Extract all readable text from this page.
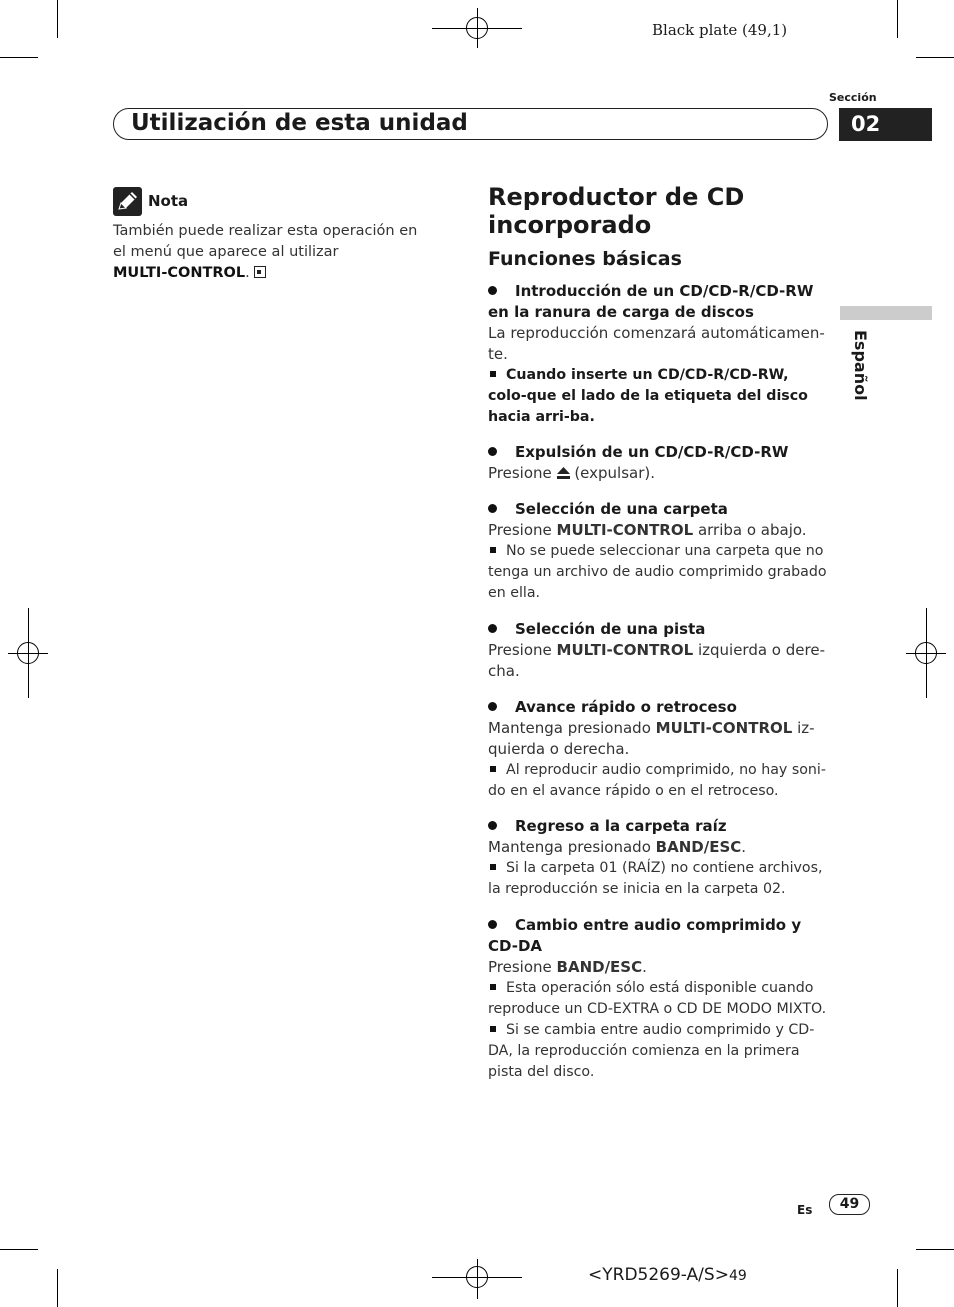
Black plate (49,1)
Sección
Utilización de esta unidad	02
Español
Nota
También puede realizar esta operación en el menú que aparece al utilizar
MULTI-CONTROL.
Reproductor de CD incorporado
Funciones básicas
Introducción de un CD/CD-R/CD-RW en la ranura de carga de discos
La reproducción comenzará automáticamen-te.
Cuando inserte un CD/CD-R/CD-RW, colo-que el lado de la etiqueta del disco hacia arri-ba.
Expulsión de un CD/CD-R/CD-RW
Presione (expulsar).
Selección de una carpeta
Presione MULTI-CONTROL arriba o abajo.
No se puede seleccionar una carpeta que no tenga un archivo de audio comprimido grabado en ella.
Selección de una pista
Presione MULTI-CONTROL izquierda o dere-cha.
Avance rápido o retroceso
Mantenga presionado MULTI-CONTROL iz-quierda o derecha.
Al reproducir audio comprimido, no hay soni-do en el avance rápido o en el retroceso.
Regreso a la carpeta raíz
Mantenga presionado BAND/ESC.
Si la carpeta 01 (RAÍZ) no contiene archivos, la reproducción se inicia en la carpeta 02.
Cambio entre audio comprimido y CD-DA
Presione BAND/ESC.
Esta operación sólo está disponible cuando reproduce un CD-EXTRA o CD DE MODO MIXTO.
Si se cambia entre audio comprimido y CD-DA, la reproducción comienza en la primera pista del disco.
Es	49
<YRD5269-A/S>49
